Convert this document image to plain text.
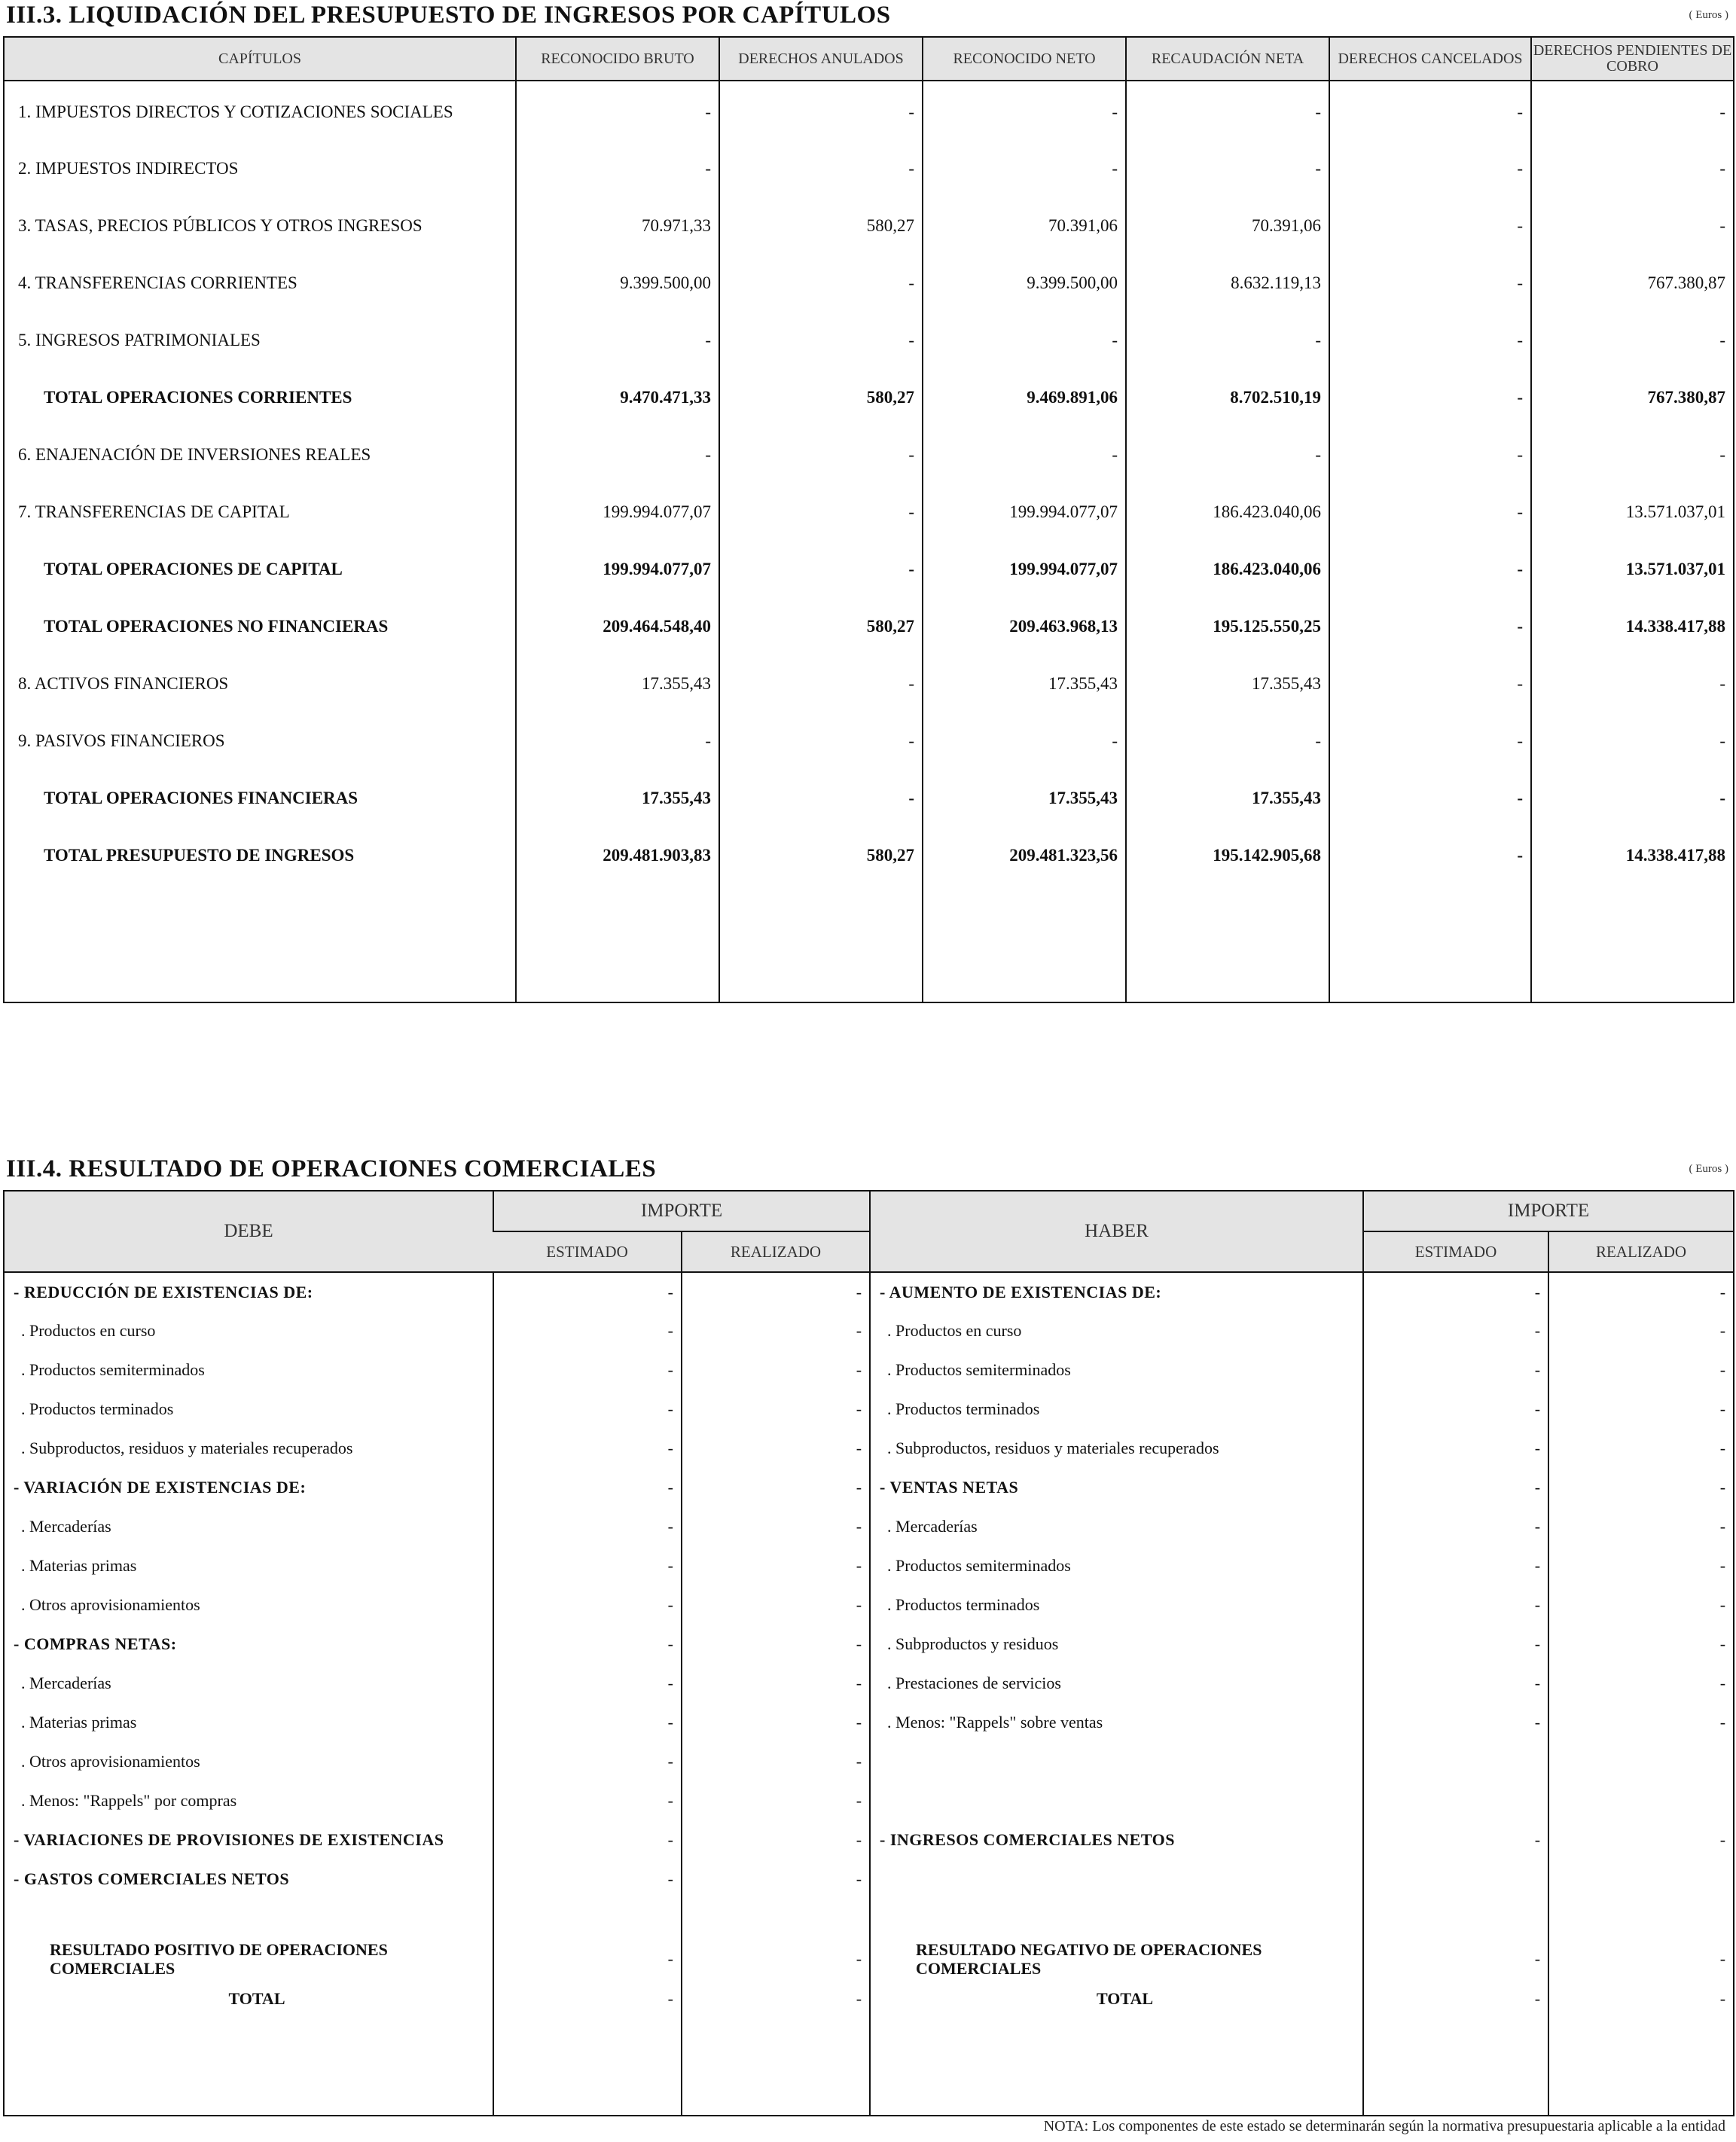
III.3. LIQUIDACIÓN DEL PRESUPUESTO DE INGRESOS POR CAPÍTULOS	( Euros )
CAPÍTULOS	RECONOCIDO BRUTO	DERECHOS ANULADOS	RECONOCIDO NETO	RECAUDACIÓN NETA	DERECHOS CANCELADOS	DERECHOS PENDIENTES DE COBRO
1. IMPUESTOS DIRECTOS Y COTIZACIONES SOCIALES	-	-	-	-	-	-
2. IMPUESTOS INDIRECTOS	-	-	-	-	-	-
3. TASAS, PRECIOS PÚBLICOS Y OTROS INGRESOS	70.971,33	580,27	70.391,06	70.391,06	-	-
4. TRANSFERENCIAS CORRIENTES	9.399.500,00	-	9.399.500,00	8.632.119,13	-	767.380,87
5. INGRESOS PATRIMONIALES	-	-	-	-	-	-
TOTAL OPERACIONES CORRIENTES	9.470.471,33	580,27	9.469.891,06	8.702.510,19	-	767.380,87
6. ENAJENACIÓN DE INVERSIONES REALES	-	-	-	-	-	-
7. TRANSFERENCIAS DE CAPITAL	199.994.077,07	-	199.994.077,07	186.423.040,06	-	13.571.037,01
TOTAL OPERACIONES DE CAPITAL	199.994.077,07	-	199.994.077,07	186.423.040,06	-	13.571.037,01
TOTAL OPERACIONES NO FINANCIERAS	209.464.548,40	580,27	209.463.968,13	195.125.550,25	-	14.338.417,88
8. ACTIVOS FINANCIEROS	17.355,43	-	17.355,43	17.355,43	-	-
9. PASIVOS FINANCIEROS	-	-	-	-	-	-
TOTAL OPERACIONES FINANCIERAS	17.355,43	-	17.355,43	17.355,43	-	-
TOTAL PRESUPUESTO DE INGRESOS	209.481.903,83	580,27	209.481.323,56	195.142.905,68	-	14.338.417,88

III.4. RESULTADO DE OPERACIONES COMERCIALES	( Euros )
DEBE	IMPORTE		HABER	IMPORTE	
	ESTIMADO	REALIZADO		ESTIMADO	REALIZADO
- REDUCCIÓN DE EXISTENCIAS DE:	-	-	- AUMENTO DE EXISTENCIAS DE:	-	-
. Productos en curso	-	-	. Productos en curso	-	-
. Productos semiterminados	-	-	. Productos semiterminados	-	-
. Productos terminados	-	-	. Productos terminados	-	-
. Subproductos, residuos y materiales recuperados	-	-	. Subproductos, residuos y materiales recuperados	-	-
- VARIACIÓN DE EXISTENCIAS DE:	-	-	- VENTAS NETAS	-	-
. Mercaderías	-	-	. Mercaderías	-	-
. Materias primas	-	-	. Productos semiterminados	-	-
. Otros aprovisionamientos	-	-	. Productos terminados	-	-
- COMPRAS NETAS:	-	-	. Subproductos y residuos	-	-
. Mercaderías	-	-	. Prestaciones de servicios	-	-
. Materias primas	-	-	. Menos: "Rappels" sobre ventas	-	-
. Otros aprovisionamientos	-	-			
. Menos: "Rappels" por compras	-	-			
- VARIACIONES DE PROVISIONES DE EXISTENCIAS	-	-	- INGRESOS COMERCIALES NETOS	-	-
- GASTOS COMERCIALES NETOS	-	-			

RESULTADO POSITIVO DE OPERACIONES COMERCIALES	-	-	RESULTADO NEGATIVO DE OPERACIONES COMERCIALES	-	-
TOTAL	-	-	TOTAL	-	-

NOTA: Los componentes de este estado se determinarán según la normativa presupuestaria aplicable a la entidad
